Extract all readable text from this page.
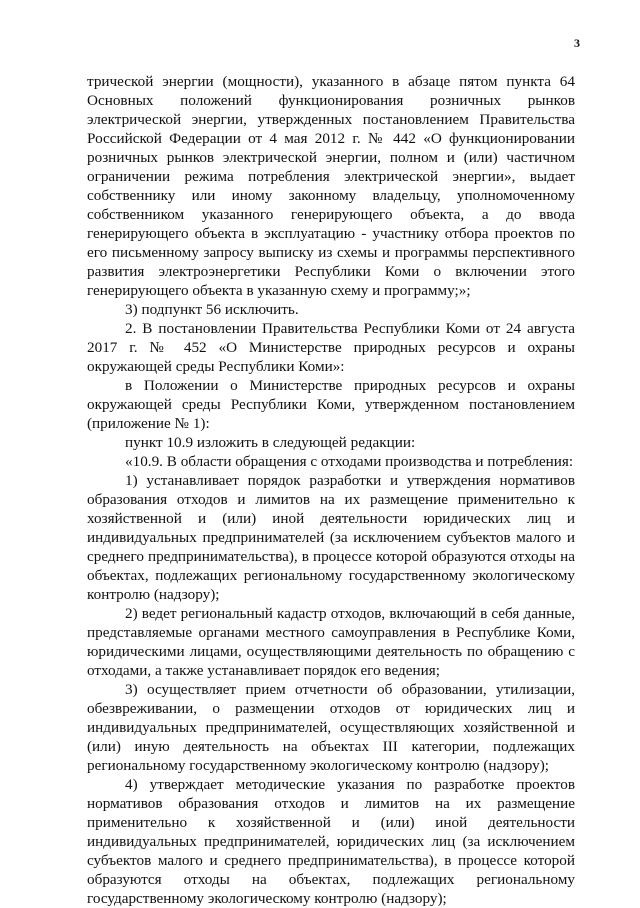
3

трической энергии (мощности), указанного в абзаце пятом пункта 64 Основных положений функционирования розничных рынков электрической энергии, утвержденных постановлением Правительства Российской Федерации от 4 мая 2012 г. № 442 «О функционировании розничных рынков электрической энергии, полном и (или) частичном ограничении режима потребления электрической энергии», выдает собственнику или иному законному владельцу, уполномоченному собственником указанного генерирующего объекта, а до ввода генерирующего объекта в эксплуатацию - участнику отбора проектов по его письменному запросу выписку из схемы и программы перспективного развития электроэнергетики Республики Коми о включении этого генерирующего объекта в указанную схему и программу;»;

3) подпункт 56 исключить.

2. В постановлении Правительства Республики Коми от 24 августа 2017 г. № 452 «О Министерстве природных ресурсов и охраны окружающей среды Республики Коми»:

в Положении о Министерстве природных ресурсов и охраны окружающей среды Республики Коми, утвержденном постановлением (приложение № 1):

пункт 10.9 изложить в следующей редакции:

«10.9. В области обращения с отходами производства и потребления:

1) устанавливает порядок разработки и утверждения нормативов образования отходов и лимитов на их размещение применительно к хозяйственной и (или) иной деятельности юридических лиц и индивидуальных предпринимателей (за исключением субъектов малого и среднего предпринимательства), в процессе которой образуются отходы на объектах, подлежащих региональному государственному экологическому контролю (надзору);

2) ведет региональный кадастр отходов, включающий в себя данные, представляемые органами местного самоуправления в Республике Коми, юридическими лицами, осуществляющими деятельность по обращению с отходами, а также устанавливает порядок его ведения;

3) осуществляет прием отчетности об образовании, утилизации, обезвреживании, о размещении отходов от юридических лиц и индивидуальных предпринимателей, осуществляющих хозяйственной и (или) иную деятельность на объектах III категории, подлежащих региональному государственному экологическому контролю (надзору);

4) утверждает методические указания по разработке проектов нормативов образования отходов и лимитов на их размещение применительно к хозяйственной и (или) иной деятельности индивидуальных предпринимателей, юридических лиц (за исключением субъектов малого и среднего предпринимательства), в процессе которой образуются отходы на объектах, подлежащих региональному государственному экологическому контролю (надзору);
